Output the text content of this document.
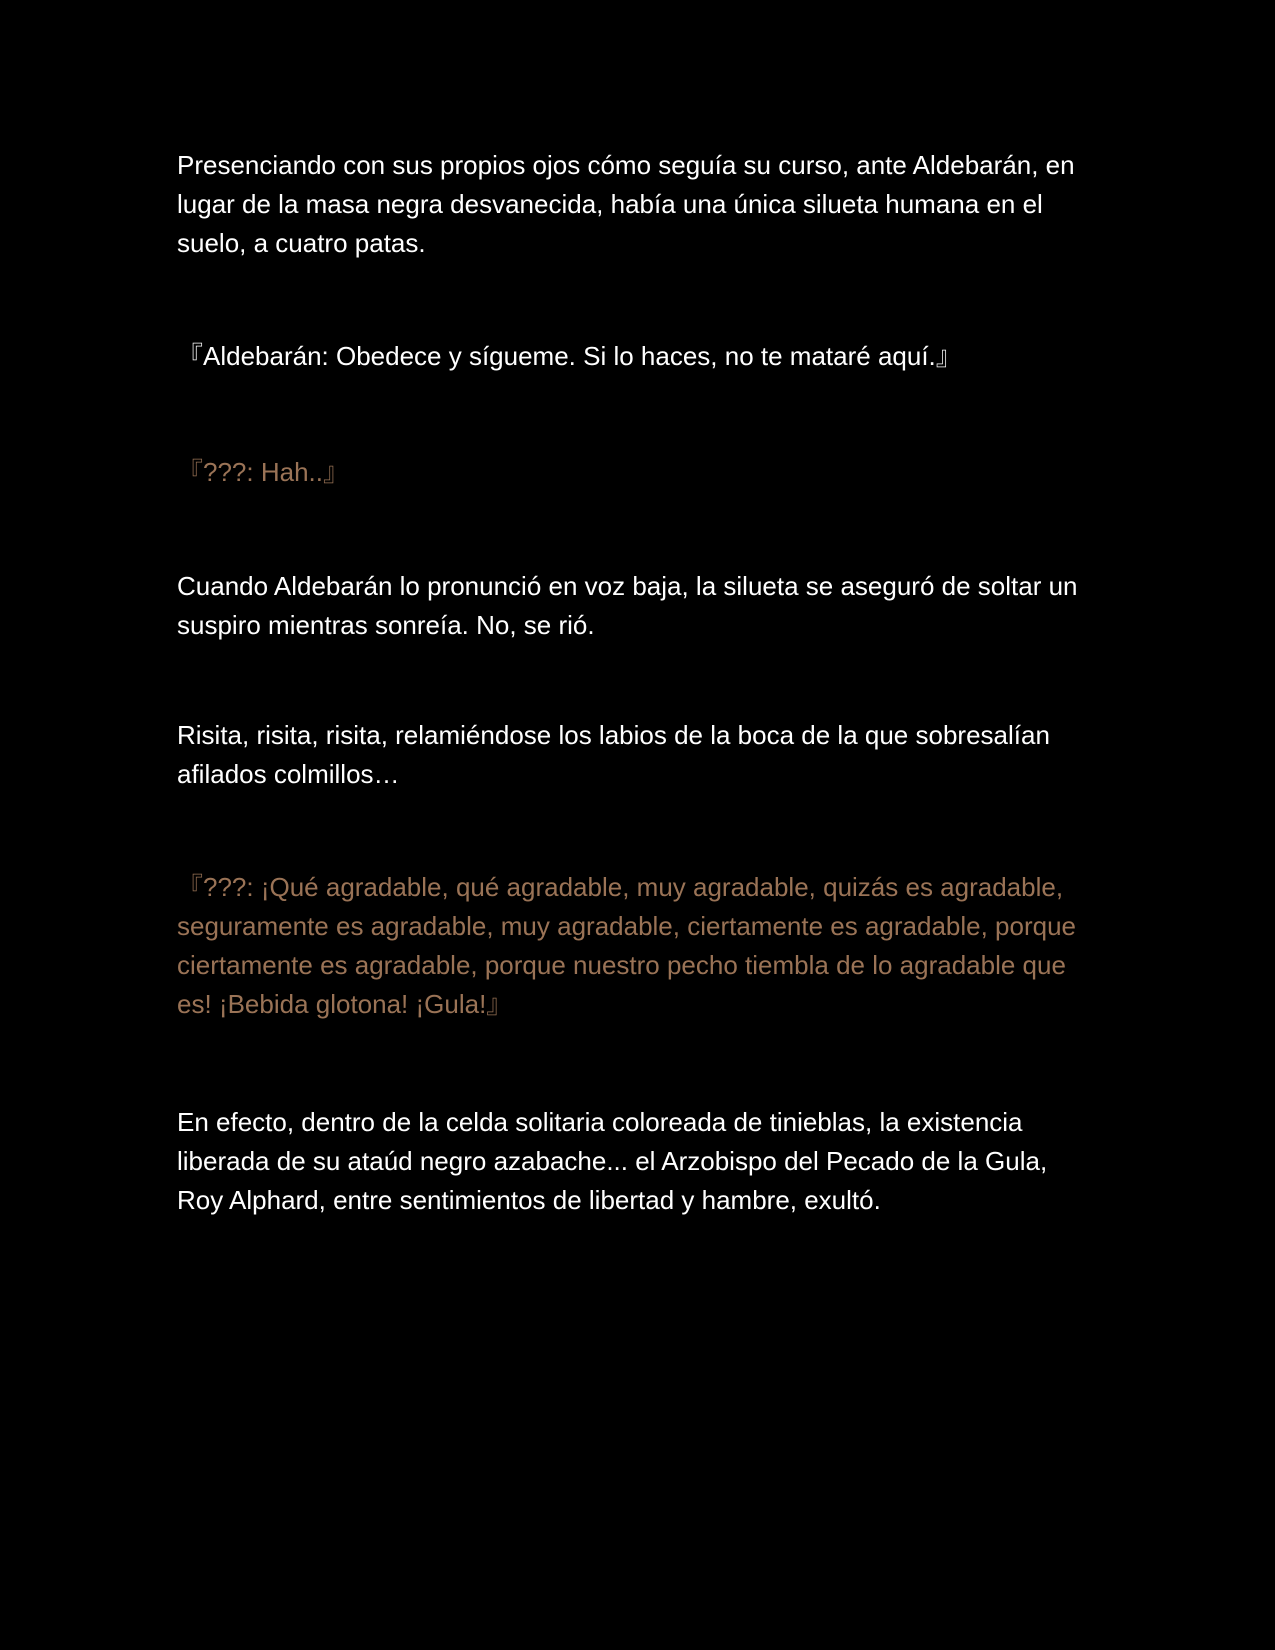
Presenciando con sus propios ojos cómo seguía su curso, ante Aldebarán, en lugar de la masa negra desvanecida, había una única silueta humana en el suelo, a cuatro patas.

『Aldebarán: Obedece y sígueme. Si lo haces, no te mataré aquí.』

『???: Hah..』

Cuando Aldebarán lo pronunció en voz baja, la silueta se aseguró de soltar un suspiro mientras sonreía. No, se rió.

Risita, risita, risita, relamiéndose los labios de la boca de la que sobresalían afilados colmillos…

『???: ¡Qué agradable, qué agradable, muy agradable, quizás es agradable, seguramente es agradable, muy agradable, ciertamente es agradable, porque ciertamente es agradable, porque nuestro pecho tiembla de lo agradable que es! ¡Bebida glotona! ¡Gula!』

En efecto, dentro de la celda solitaria coloreada de tinieblas, la existencia liberada de su ataúd negro azabache... el Arzobispo del Pecado de la Gula, Roy Alphard, entre sentimientos de libertad y hambre, exultó.
